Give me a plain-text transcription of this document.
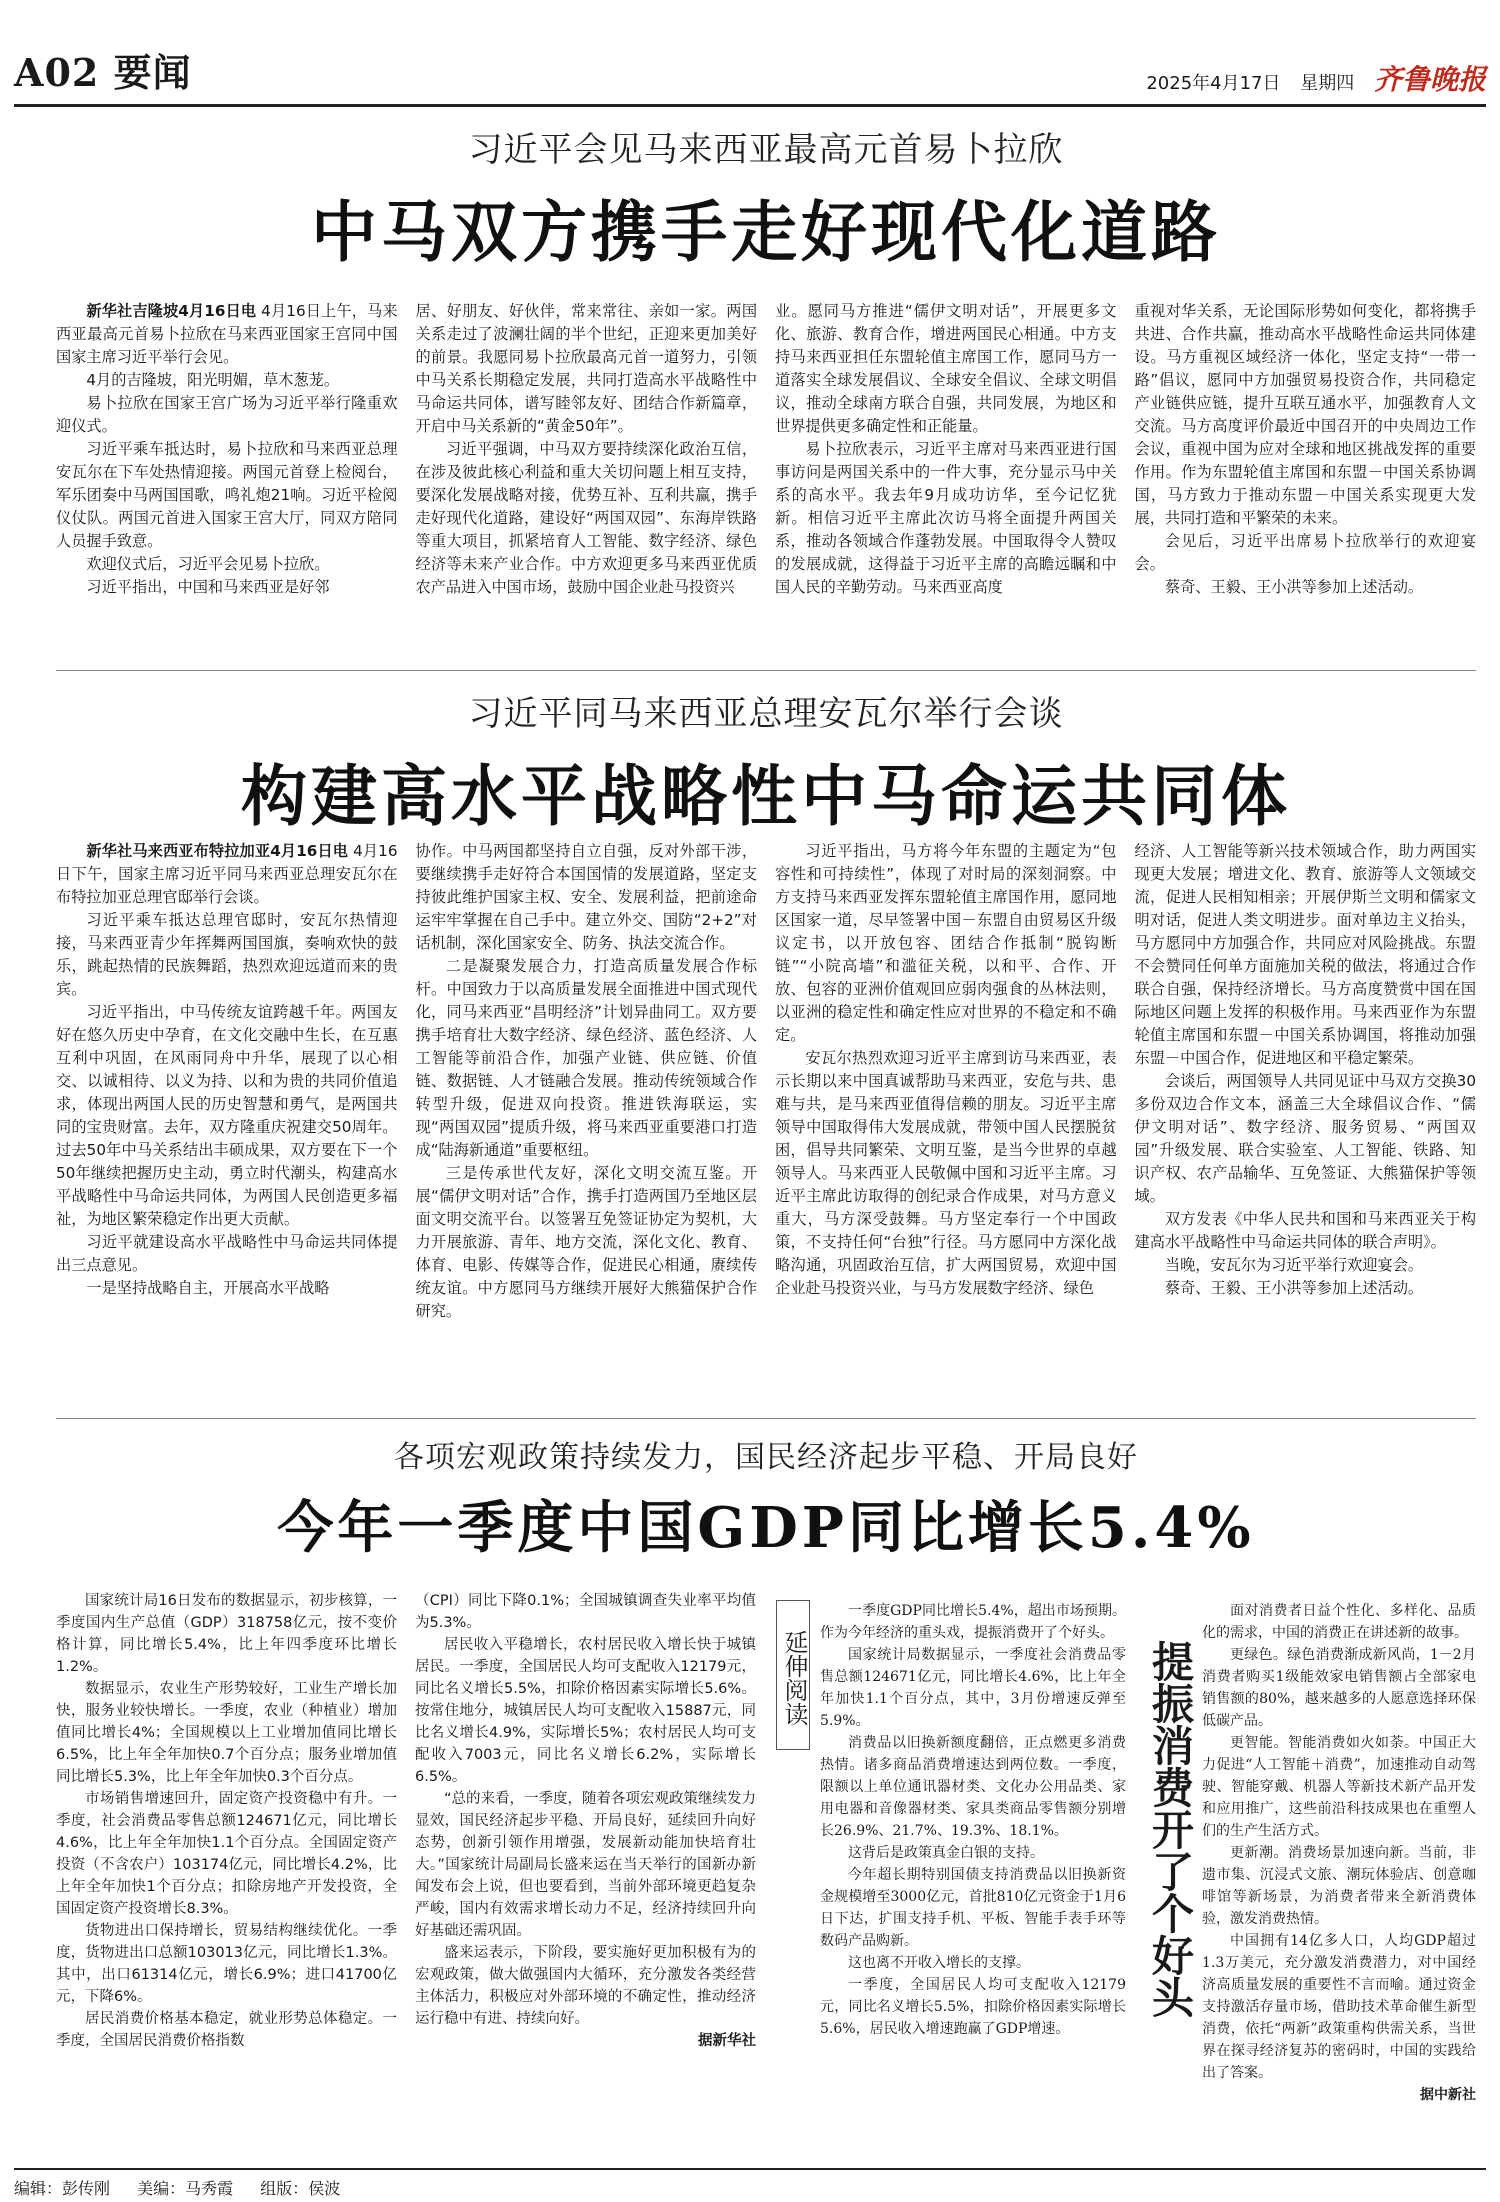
A02 要闻	2025年4月17日 星期四 齐鲁晚报
习近平会见马来西亚最高元首易卜拉欣
中马双方携手走好现代化道路

新华社吉隆坡4月16日电 4月16日上午，马来西亚最高元首易卜拉欣在马来西亚国家王宫同中国国家主席习近平举行会见。

4月的吉隆坡，阳光明媚，草木葱茏。

易卜拉欣在国家王宫广场为习近平举行隆重欢迎仪式。

习近平乘车抵达时，易卜拉欣和马来西亚总理安瓦尔在下车处热情迎接。两国元首登上检阅台，军乐团奏中马两国国歌，鸣礼炮21响。习近平检阅仪仗队。两国元首进入国家王宫大厅，同双方陪同人员握手致意。

欢迎仪式后，习近平会见易卜拉欣。

习近平指出，中国和马来西亚是好邻

居、好朋友、好伙伴，常来常往、亲如一家。两国关系走过了波澜壮阔的半个世纪，正迎来更加美好的前景。我愿同易卜拉欣最高元首一道努力，引领中马关系长期稳定发展，共同打造高水平战略性中马命运共同体，谱写睦邻友好、团结合作新篇章，开启中马关系新的“黄金50年”。

习近平强调，中马双方要持续深化政治互信，在涉及彼此核心利益和重大关切问题上相互支持，要深化发展战略对接，优势互补、互利共赢，携手走好现代化道路，建设好“两国双园”、东海岸铁路等重大项目，抓紧培育人工智能、数字经济、绿色经济等未来产业合作。中方欢迎更多马来西亚优质农产品进入中国市场，鼓励中国企业赴马投资兴

业。愿同马方推进“儒伊文明对话”，开展更多文化、旅游、教育合作，增进两国民心相通。中方支持马来西亚担任东盟轮值主席国工作，愿同马方一道落实全球发展倡议、全球安全倡议、全球文明倡议，推动全球南方联合自强，共同发展，为地区和世界提供更多确定性和正能量。

易卜拉欣表示，习近平主席对马来西亚进行国事访问是两国关系中的一件大事，充分显示马中关系的高水平。我去年9月成功访华，至今记忆犹新。相信习近平主席此次访马将全面提升两国关系，推动各领域合作蓬勃发展。中国取得令人赞叹的发展成就，这得益于习近平主席的高瞻远瞩和中国人民的辛勤劳动。马来西亚高度

重视对华关系，无论国际形势如何变化，都将携手共进、合作共赢，推动高水平战略性命运共同体建设。马方重视区域经济一体化，坚定支持“一带一路”倡议，愿同中方加强贸易投资合作，共同稳定产业链供应链，提升互联互通水平，加强教育人文交流。马方高度评价最近中国召开的中央周边工作会议，重视中国为应对全球和地区挑战发挥的重要作用。作为东盟轮值主席国和东盟－中国关系协调国，马方致力于推动东盟－中国关系实现更大发展，共同打造和平繁荣的未来。

会见后，习近平出席易卜拉欣举行的欢迎宴会。

蔡奇、王毅、王小洪等参加上述活动。

习近平同马来西亚总理安瓦尔举行会谈
构建高水平战略性中马命运共同体

新华社马来西亚布特拉加亚4月16日电 4月16日下午，国家主席习近平同马来西亚总理安瓦尔在布特拉加亚总理官邸举行会谈。

习近平乘车抵达总理官邸时，安瓦尔热情迎接，马来西亚青少年挥舞两国国旗，奏响欢快的鼓乐，跳起热情的民族舞蹈，热烈欢迎远道而来的贵宾。

习近平指出，中马传统友谊跨越千年。两国友好在悠久历史中孕育，在文化交融中生长，在互惠互利中巩固，在风雨同舟中升华，展现了以心相交、以诚相待、以义为持、以和为贵的共同价值追求，体现出两国人民的历史智慧和勇气，是两国共同的宝贵财富。去年，双方隆重庆祝建交50周年。过去50年中马关系结出丰硕成果，双方要在下一个50年继续把握历史主动，勇立时代潮头，构建高水平战略性中马命运共同体，为两国人民创造更多福祉，为地区繁荣稳定作出更大贡献。

习近平就建设高水平战略性中马命运共同体提出三点意见。

一是坚持战略自主，开展高水平战略

协作。中马两国都坚持自立自强，反对外部干涉，要继续携手走好符合本国国情的发展道路，坚定支持彼此维护国家主权、安全、发展利益，把前途命运牢牢掌握在自己手中。建立外交、国防“2+2”对话机制，深化国家安全、防务、执法交流合作。

二是凝聚发展合力，打造高质量发展合作标杆。中国致力于以高质量发展全面推进中国式现代化，同马来西亚“昌明经济”计划异曲同工。双方要携手培育壮大数字经济、绿色经济、蓝色经济、人工智能等前沿合作，加强产业链、供应链、价值链、数据链、人才链融合发展。推动传统领域合作转型升级，促进双向投资。推进铁海联运，实现“两国双园”提质升级，将马来西亚重要港口打造成“陆海新通道”重要枢纽。

三是传承世代友好，深化文明交流互鉴。开展“儒伊文明对话”合作，携手打造两国乃至地区层面文明交流平台。以签署互免签证协定为契机，大力开展旅游、青年、地方交流，深化文化、教育、体育、电影、传媒等合作，促进民心相通，赓续传统友谊。中方愿同马方继续开展好大熊猫保护合作研究。

习近平指出，马方将今年东盟的主题定为“包容性和可持续性”，体现了对时局的深刻洞察。中方支持马来西亚发挥东盟轮值主席国作用，愿同地区国家一道，尽早签署中国－东盟自由贸易区升级议定书，以开放包容、团结合作抵制“脱钩断链”“小院高墙”和滥征关税，以和平、合作、开放、包容的亚洲价值观回应弱肉强食的丛林法则，以亚洲的稳定性和确定性应对世界的不稳定和不确定。

安瓦尔热烈欢迎习近平主席到访马来西亚，表示长期以来中国真诚帮助马来西亚，安危与共、患难与共，是马来西亚值得信赖的朋友。习近平主席领导中国取得伟大发展成就，带领中国人民摆脱贫困，倡导共同繁荣、文明互鉴，是当今世界的卓越领导人。马来西亚人民敬佩中国和习近平主席。习近平主席此访取得的创纪录合作成果，对马方意义重大，马方深受鼓舞。马方坚定奉行一个中国政策，不支持任何“台独”行径。马方愿同中方深化战略沟通，巩固政治互信，扩大两国贸易，欢迎中国企业赴马投资兴业，与马方发展数字经济、绿色

经济、人工智能等新兴技术领域合作，助力两国实现更大发展；增进文化、教育、旅游等人文领域交流，促进人民相知相亲；开展伊斯兰文明和儒家文明对话，促进人类文明进步。面对单边主义抬头，马方愿同中方加强合作，共同应对风险挑战。东盟不会赞同任何单方面施加关税的做法，将通过合作联合自强，保持经济增长。马方高度赞赏中国在国际地区问题上发挥的积极作用。马来西亚作为东盟轮值主席国和东盟－中国关系协调国，将推动加强东盟－中国合作，促进地区和平稳定繁荣。

会谈后，两国领导人共同见证中马双方交换30多份双边合作文本，涵盖三大全球倡议合作、“儒伊文明对话”、数字经济、服务贸易、“两国双园”升级发展、联合实验室、人工智能、铁路、知识产权、农产品输华、互免签证、大熊猫保护等领域。

双方发表《中华人民共和国和马来西亚关于构建高水平战略性中马命运共同体的联合声明》。

当晚，安瓦尔为习近平举行欢迎宴会。

蔡奇、王毅、王小洪等参加上述活动。

各项宏观政策持续发力，国民经济起步平稳、开局良好
今年一季度中国GDP同比增长5.4%

国家统计局16日发布的数据显示，初步核算，一季度国内生产总值（GDP）318758亿元，按不变价格计算，同比增长5.4%，比上年四季度环比增长1.2%。

数据显示，农业生产形势较好，工业生产增长加快，服务业较快增长。一季度，农业（种植业）增加值同比增长4%；全国规模以上工业增加值同比增长6.5%，比上年全年加快0.7个百分点；服务业增加值同比增长5.3%，比上年全年加快0.3个百分点。

市场销售增速回升，固定资产投资稳中有升。一季度，社会消费品零售总额124671亿元，同比增长4.6%，比上年全年加快1.1个百分点。全国固定资产投资（不含农户）103174亿元，同比增长4.2%，比上年全年加快1个百分点；扣除房地产开发投资，全国固定资产投资增长8.3%。

货物进出口保持增长，贸易结构继续优化。一季度，货物进出口总额103013亿元，同比增长1.3%。其中，出口61314亿元，增长6.9%；进口41700亿元，下降6%。

居民消费价格基本稳定，就业形势总体稳定。一季度，全国居民消费价格指数

（CPI）同比下降0.1%；全国城镇调查失业率平均值为5.3%。

居民收入平稳增长，农村居民收入增长快于城镇居民。一季度，全国居民人均可支配收入12179元，同比名义增长5.5%，扣除价格因素实际增长5.6%。按常住地分，城镇居民人均可支配收入15887元，同比名义增长4.9%，实际增长5%；农村居民人均可支配收入7003元，同比名义增长6.2%，实际增长6.5%。

“总的来看，一季度，随着各项宏观政策继续发力显效，国民经济起步平稳、开局良好，延续回升向好态势，创新引领作用增强，发展新动能加快培育壮大。”国家统计局副局长盛来运在当天举行的国新办新闻发布会上说，但也要看到，当前外部环境更趋复杂严峻，国内有效需求增长动力不足，经济持续回升向好基础还需巩固。

盛来运表示，下阶段，要实施好更加积极有为的宏观政策，做大做强国内大循环，充分激发各类经营主体活力，积极应对外部环境的不确定性，推动经济运行稳中有进、持续向好。

据新华社

延伸阅读

一季度GDP同比增长5.4%，超出市场预期。作为今年经济的重头戏，提振消费开了个好头。

国家统计局数据显示，一季度社会消费品零售总额124671亿元，同比增长4.6%，比上年全年加快1.1个百分点，其中，3月份增速反弹至5.9%。

消费品以旧换新额度翻倍，正点燃更多消费热情。诸多商品消费增速达到两位数。一季度，限额以上单位通讯器材类、文化办公用品类、家用电器和音像器材类、家具类商品零售额分别增长26.9%、21.7%、19.3%、18.1%。

这背后是政策真金白银的支持。

今年超长期特别国债支持消费品以旧换新资金规模增至3000亿元，首批810亿元资金于1月6日下达，扩围支持手机、平板、智能手表手环等数码产品购新。

这也离不开收入增长的支撑。

一季度，全国居民人均可支配收入12179元，同比名义增长5.5%，扣除价格因素实际增长5.6%，居民收入增速跑赢了GDP增速。

提振消费开了个好头

面对消费者日益个性化、多样化、品质化的需求，中国的消费正在讲述新的故事。

更绿色。绿色消费渐成新风尚，1－2月消费者购买1级能效家电销售额占全部家电销售额的80%，越来越多的人愿意选择环保低碳产品。

更智能。智能消费如火如荼。中国正大力促进“人工智能＋消费”，加速推动自动驾驶、智能穿戴、机器人等新技术新产品开发和应用推广，这些前沿科技成果也在重塑人们的生产生活方式。

更新潮。消费场景加速向新。当前，非遗市集、沉浸式文旅、潮玩体验店、创意咖啡馆等新场景，为消费者带来全新消费体验，激发消费热情。

中国拥有14亿多人口，人均GDP超过1.3万美元，充分激发消费潜力，对中国经济高质量发展的重要性不言而喻。通过资金支持激活存量市场，借助技术革命催生新型消费，依托“两新”政策重构供需关系，当世界在探寻经济复苏的密码时，中国的实践给出了答案。

据中新社

编辑：彭传刚 美编：马秀霞 组版：侯波
